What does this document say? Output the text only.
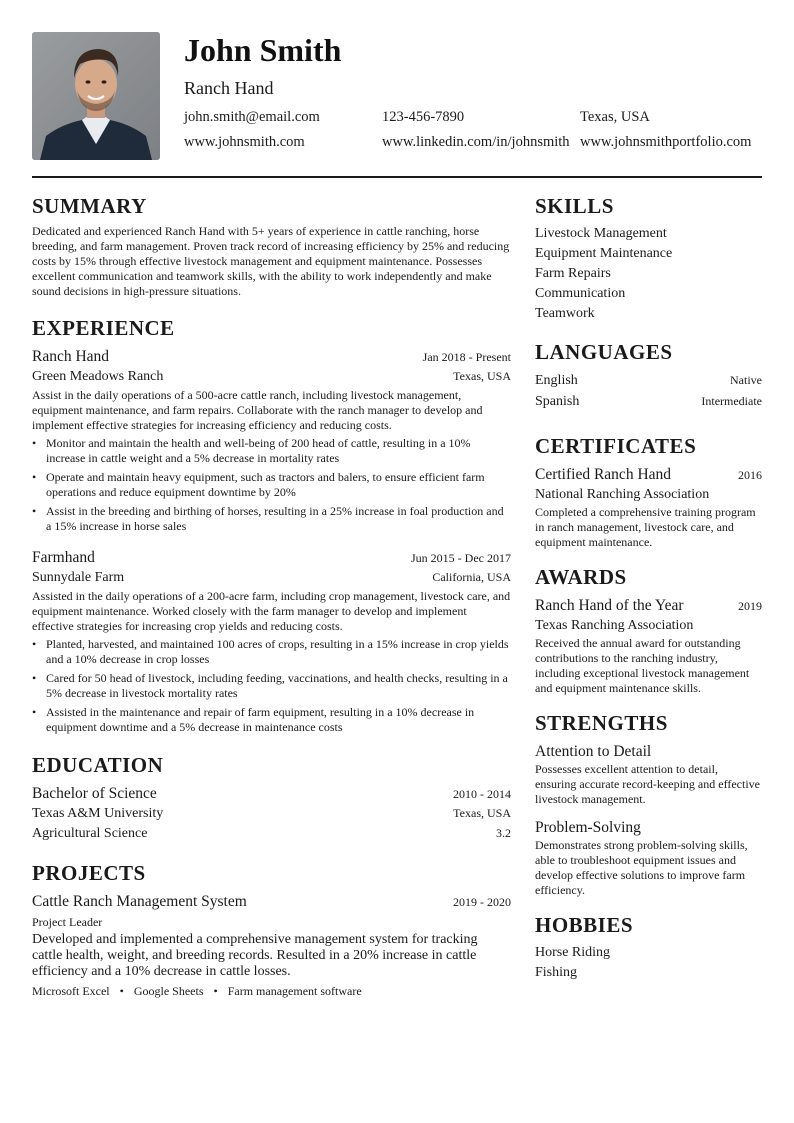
John Smith
Ranch Hand
john.smith@email.com	123-456-7890	Texas, USA
www.johnsmith.com	www.linkedin.com/in/johnsmith www.johnsmithportfolio.com
SUMMARY
Dedicated and experienced Ranch Hand with 5+ years of experience in cattle ranching, horse breeding, and farm management. Proven track record of increasing efficiency by 25% and reducing costs by 15% through effective livestock management and equipment maintenance. Possesses excellent communication and teamwork skills, with the ability to work independently and make sound decisions in high-pressure situations.
EXPERIENCE
Ranch Hand	Jan 2018 - Present
Green Meadows Ranch	Texas, USA
Assist in the daily operations of a 500-acre cattle ranch, including livestock management, equipment maintenance, and farm repairs. Collaborate with the ranch manager to develop and implement effective strategies for increasing efficiency and reducing costs.
• Monitor and maintain the health and well-being of 200 head of cattle, resulting in a 10% increase in cattle weight and a 5% decrease in mortality rates
• Operate and maintain heavy equipment, such as tractors and balers, to ensure efficient farm operations and reduce equipment downtime by 20%
• Assist in the breeding and birthing of horses, resulting in a 25% increase in foal production and a 15% increase in horse sales
Farmhand	Jun 2015 - Dec 2017
Sunnydale Farm	California, USA
Assisted in the daily operations of a 200-acre farm, including crop management, livestock care, and equipment maintenance. Worked closely with the farm manager to develop and implement effective strategies for increasing crop yields and reducing costs.
• Planted, harvested, and maintained 100 acres of crops, resulting in a 15% increase in crop yields and a 10% decrease in crop losses
• Cared for 50 head of livestock, including feeding, vaccinations, and health checks, resulting in a 5% decrease in livestock mortality rates
• Assisted in the maintenance and repair of farm equipment, resulting in a 10% decrease in equipment downtime and a 5% decrease in maintenance costs
EDUCATION
Bachelor of Science	2010 - 2014
Texas A&M University	Texas, USA
Agricultural Science	3.2
PROJECTS
Cattle Ranch Management System	2019 - 2020
Project Leader
Developed and implemented a comprehensive management system for tracking cattle health, weight, and breeding records. Resulted in a 20% increase in cattle efficiency and a 10% decrease in cattle losses.
Microsoft Excel • Google Sheets • Farm management software
SKILLS
Livestock Management
Equipment Maintenance
Farm Repairs
Communication
Teamwork
LANGUAGES
English	Native
Spanish	Intermediate
CERTIFICATES
Certified Ranch Hand	2016
National Ranching Association
Completed a comprehensive training program in ranch management, livestock care, and equipment maintenance.
AWARDS
Ranch Hand of the Year	2019
Texas Ranching Association
Received the annual award for outstanding contributions to the ranching industry, including exceptional livestock management and equipment maintenance skills.
STRENGTHS
Attention to Detail
Possesses excellent attention to detail, ensuring accurate record-keeping and effective livestock management.
Problem-Solving
Demonstrates strong problem-solving skills, able to troubleshoot equipment issues and develop effective solutions to improve farm efficiency.
HOBBIES
Horse Riding
Fishing
